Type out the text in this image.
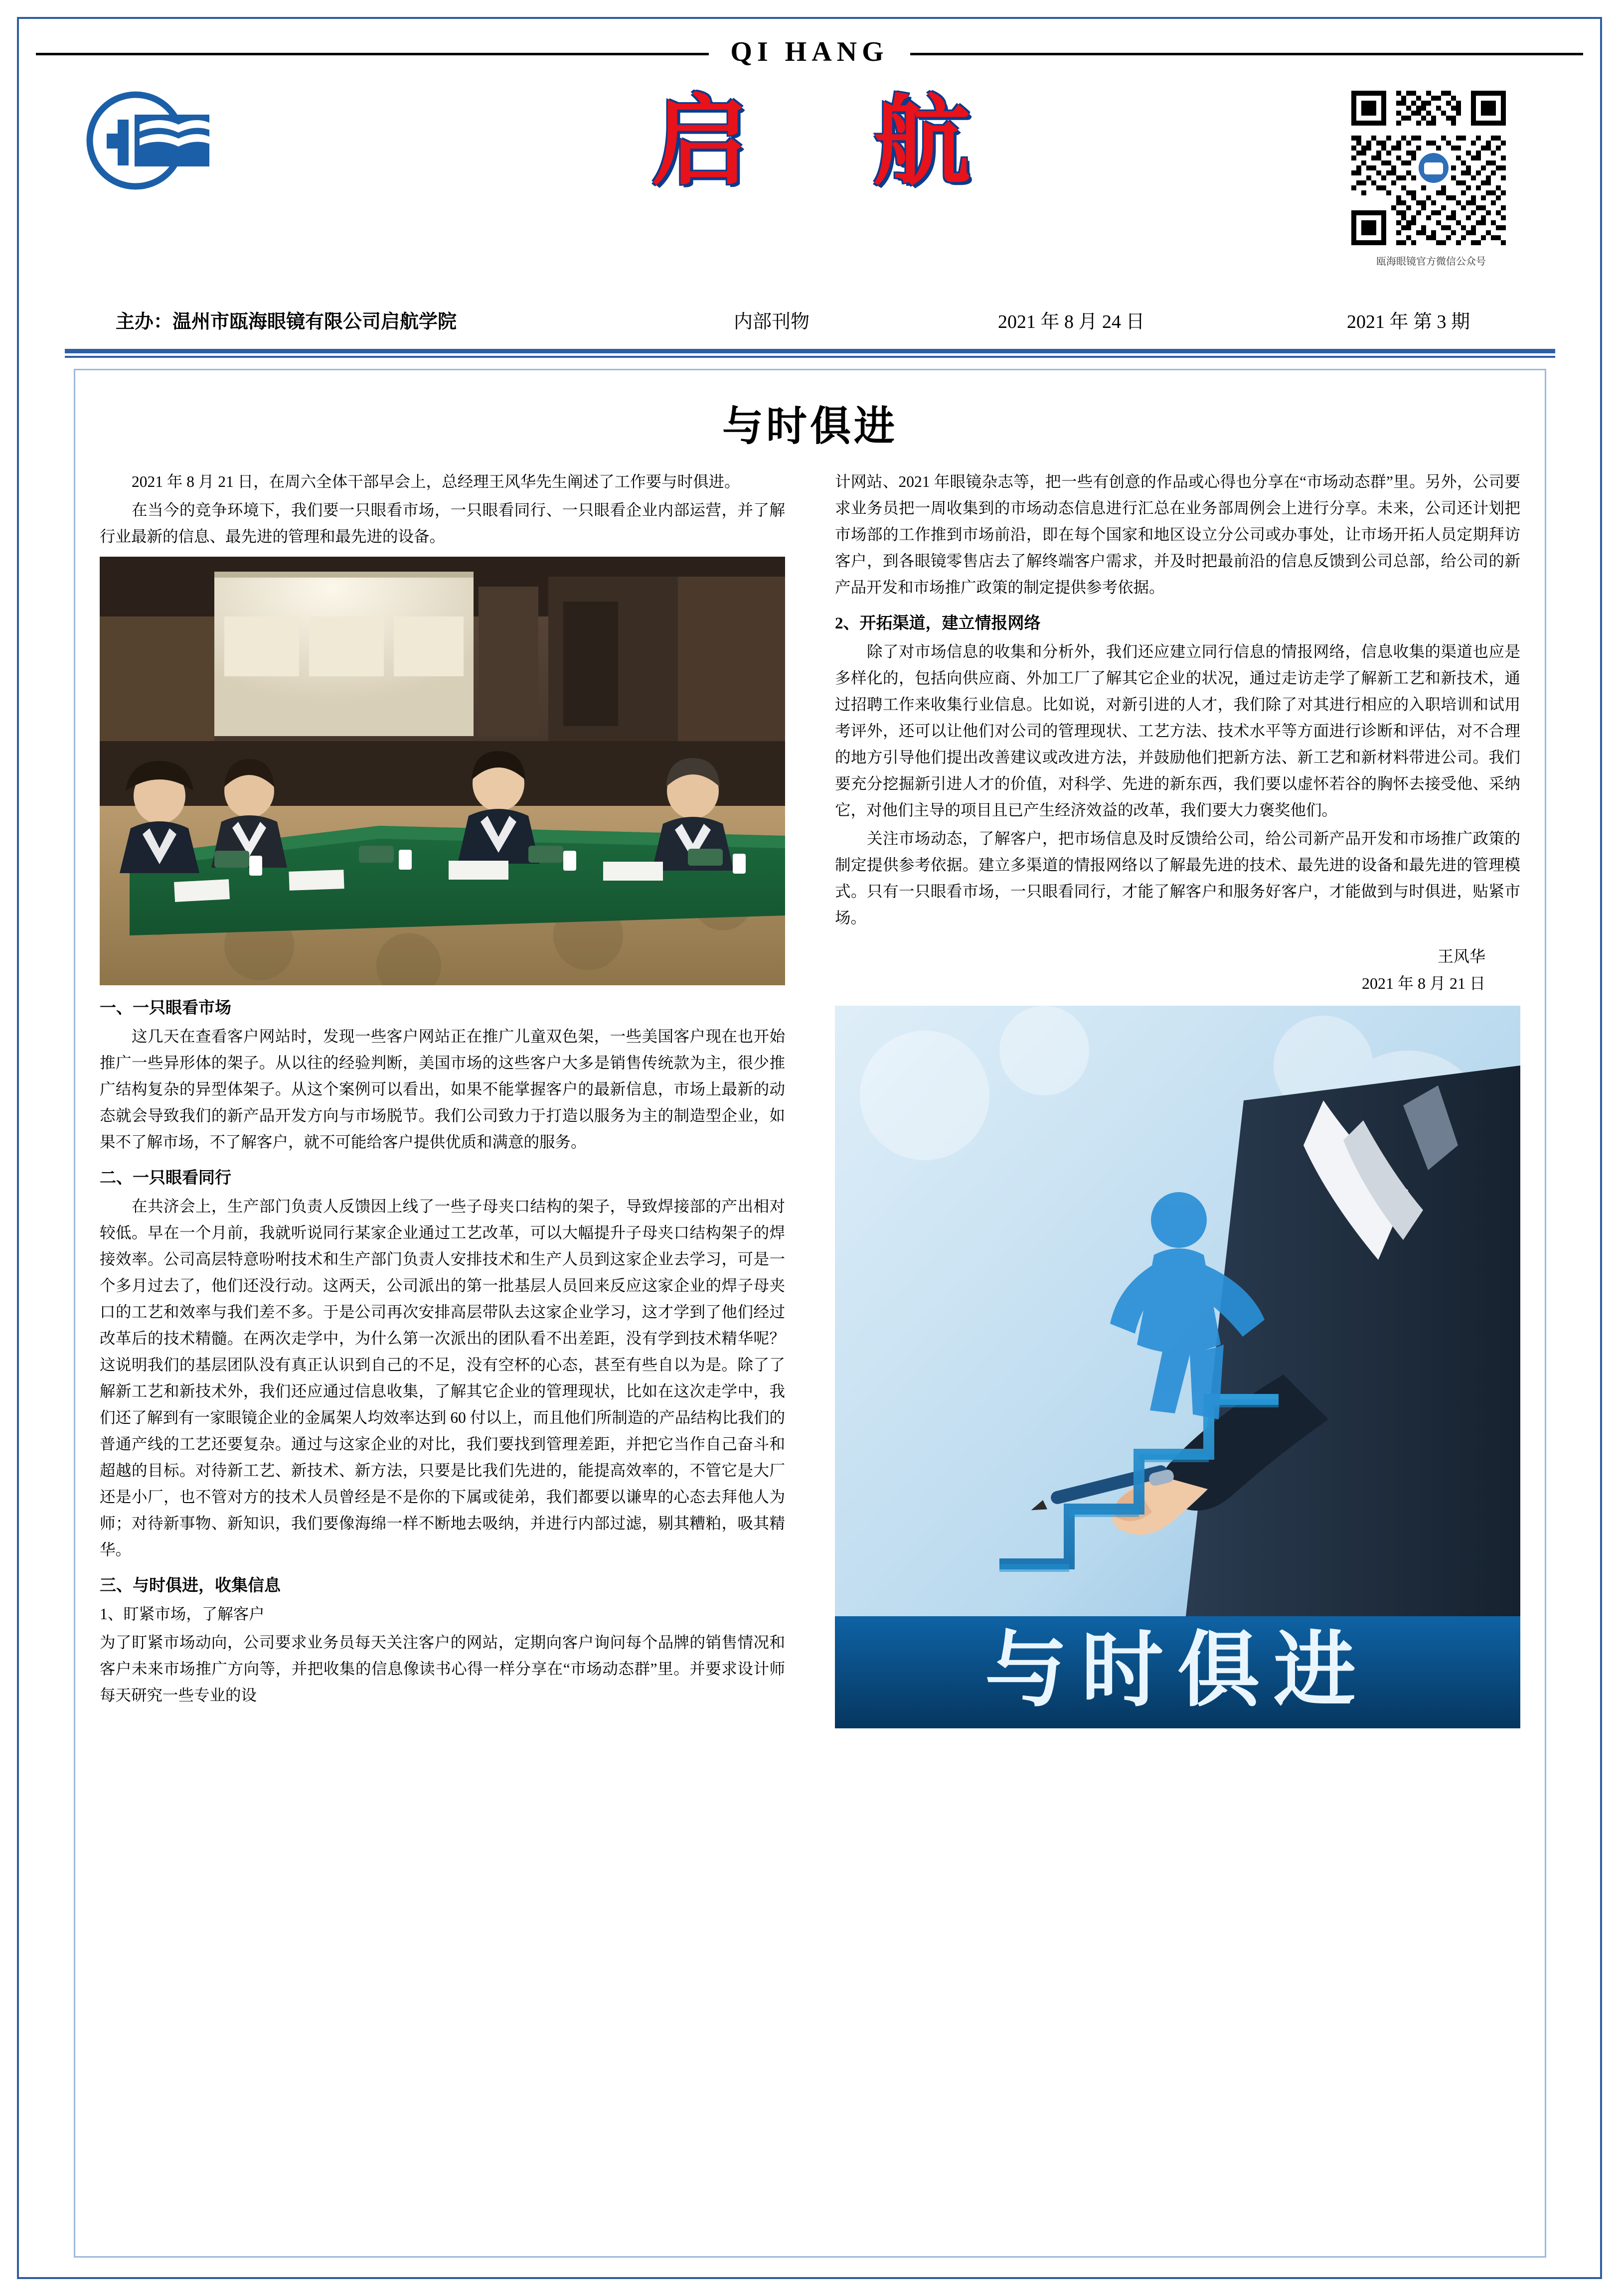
QI HANG
启 航
瓯海眼镜官方微信公众号
主办：温州市瓯海眼镜有限公司启航学院	内部刊物	2021 年 8 月 24 日	2021 年 第 3 期
与时俱进

2021 年 8 月 21 日，在周六全体干部早会上，总经理王风华先生阐述了工作要与时俱进。

在当今的竞争环境下，我们要一只眼看市场，一只眼看同行、一只眼看企业内部运营，并了解行业最新的信息、最先进的管理和最先进的设备。

一、一只眼看市场

这几天在查看客户网站时，发现一些客户网站正在推广儿童双色架，一些美国客户现在也开始推广一些异形体的架子。从以往的经验判断，美国市场的这些客户大多是销售传统款为主，很少推广结构复杂的异型体架子。从这个案例可以看出，如果不能掌握客户的最新信息，市场上最新的动态就会导致我们的新产品开发方向与市场脱节。我们公司致力于打造以服务为主的制造型企业，如果不了解市场，不了解客户，就不可能给客户提供优质和满意的服务。

二、一只眼看同行

在共济会上，生产部门负责人反馈因上线了一些子母夹口结构的架子，导致焊接部的产出相对较低。早在一个月前，我就听说同行某家企业通过工艺改革，可以大幅提升子母夹口结构架子的焊接效率。公司高层特意吩咐技术和生产部门负责人安排技术和生产人员到这家企业去学习，可是一个多月过去了，他们还没行动。这两天，公司派出的第一批基层人员回来反应这家企业的焊子母夹口的工艺和效率与我们差不多。于是公司再次安排高层带队去这家企业学习，这才学到了他们经过改革后的技术精髓。在两次走学中，为什么第一次派出的团队看不出差距，没有学到技术精华呢？这说明我们的基层团队没有真正认识到自己的不足，没有空杯的心态，甚至有些自以为是。除了了解新工艺和新技术外，我们还应通过信息收集，了解其它企业的管理现状，比如在这次走学中，我们还了解到有一家眼镜企业的金属架人均效率达到 60 付以上，而且他们所制造的产品结构比我们的普通产线的工艺还要复杂。通过与这家企业的对比，我们要找到管理差距，并把它当作自己奋斗和超越的目标。对待新工艺、新技术、新方法，只要是比我们先进的，能提高效率的，不管它是大厂还是小厂，也不管对方的技术人员曾经是不是你的下属或徒弟，我们都要以谦卑的心态去拜他人为师；对待新事物、新知识，我们要像海绵一样不断地去吸纳，并进行内部过滤，剔其糟粕，吸其精华。

三、与时俱进，收集信息

1、盯紧市场，了解客户

为了盯紧市场动向，公司要求业务员每天关注客户的网站，定期向客户询问每个品牌的销售情况和客户未来市场推广方向等，并把收集的信息像读书心得一样分享在“市场动态群”里。并要求设计师每天研究一些专业的设

计网站、2021 年眼镜杂志等，把一些有创意的作品或心得也分享在“市场动态群”里。另外，公司要求业务员把一周收集到的市场动态信息进行汇总在业务部周例会上进行分享。未来，公司还计划把市场部的工作推到市场前沿，即在每个国家和地区设立分公司或办事处，让市场开拓人员定期拜访客户，到各眼镜零售店去了解终端客户需求，并及时把最前沿的信息反馈到公司总部，给公司的新产品开发和市场推广政策的制定提供参考依据。

2、开拓渠道，建立情报网络

除了对市场信息的收集和分析外，我们还应建立同行信息的情报网络，信息收集的渠道也应是多样化的，包括向供应商、外加工厂了解其它企业的状况，通过走访走学了解新工艺和新技术，通过招聘工作来收集行业信息。比如说，对新引进的人才，我们除了对其进行相应的入职培训和试用考评外，还可以让他们对公司的管理现状、工艺方法、技术水平等方面进行诊断和评估，对不合理的地方引导他们提出改善建议或改进方法，并鼓励他们把新方法、新工艺和新材料带进公司。我们要充分挖掘新引进人才的价值，对科学、先进的新东西，我们要以虚怀若谷的胸怀去接受他、采纳它，对他们主导的项目且已产生经济效益的改革，我们要大力褒奖他们。

关注市场动态，了解客户，把市场信息及时反馈给公司，给公司新产品开发和市场推广政策的制定提供参考依据。建立多渠道的情报网络以了解最先进的技术、最先进的设备和最先进的管理模式。只有一只眼看市场，一只眼看同行，才能了解客户和服务好客户，才能做到与时俱进，贴紧市场。

王风华
2021 年 8 月 21 日
与时俱进
